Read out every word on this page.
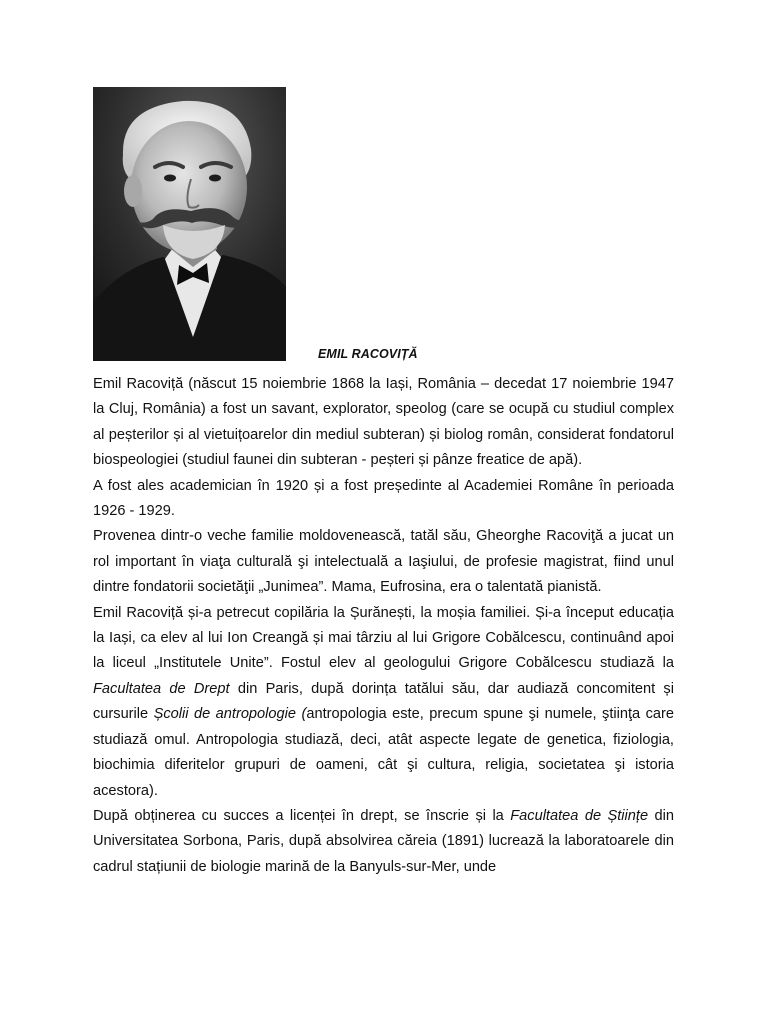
EMIL RACOVIȚĂ

Emil Racoviță (născut 15 noiembrie 1868 la Iași, România – decedat 17 noiembrie 1947 la Cluj, România) a fost un savant, explorator, speolog (care se ocupă cu studiul complex al peșterilor și al vietuițoarelor din mediul subteran) și biolog român, considerat fondatorul biospeologiei (studiul faunei din subteran - peșteri și pânze freatice de apă).

A fost ales academician în 1920 și a fost președinte al Academiei Române în perioada 1926 - 1929.

Provenea dintr-o veche familie moldovenească, tatăl său, Gheorghe Racoviţă a jucat un rol important în viaţa culturală şi intelectuală a Iaşiului, de profesie magistrat, fiind unul dintre fondatorii societăţii „Junimea”. Mama, Eufrosina, era o talentată pianistă.

Emil Racoviță și-a petrecut copilăria la Șurănești, la moșia familiei. Și-a început educația la Iași, ca elev al lui Ion Creangă și mai târziu al lui Grigore Cobălcescu, continuând apoi la liceul „Institutele Unite”. Fostul elev al geologului Grigore Cobălcescu studiază la Facultatea de Drept din Paris, după dorința tatălui său, dar audiază concomitent și cursurile Școlii de antropologie (antropologia este, precum spune şi numele, ştiinţa care studiază omul. Antropologia studiază, deci, atât aspecte legate de genetica, fiziologia, biochimia diferitelor grupuri de oameni, cât şi cultura, religia, societatea şi istoria acestora).

După obținerea cu succes a licenței în drept, se înscrie și la Facultatea de Științe din Universitatea Sorbona, Paris, după absolvirea căreia (1891) lucrează la laboratoarele din cadrul stațiunii de biologie marină de la Banyuls-sur-Mer, unde
